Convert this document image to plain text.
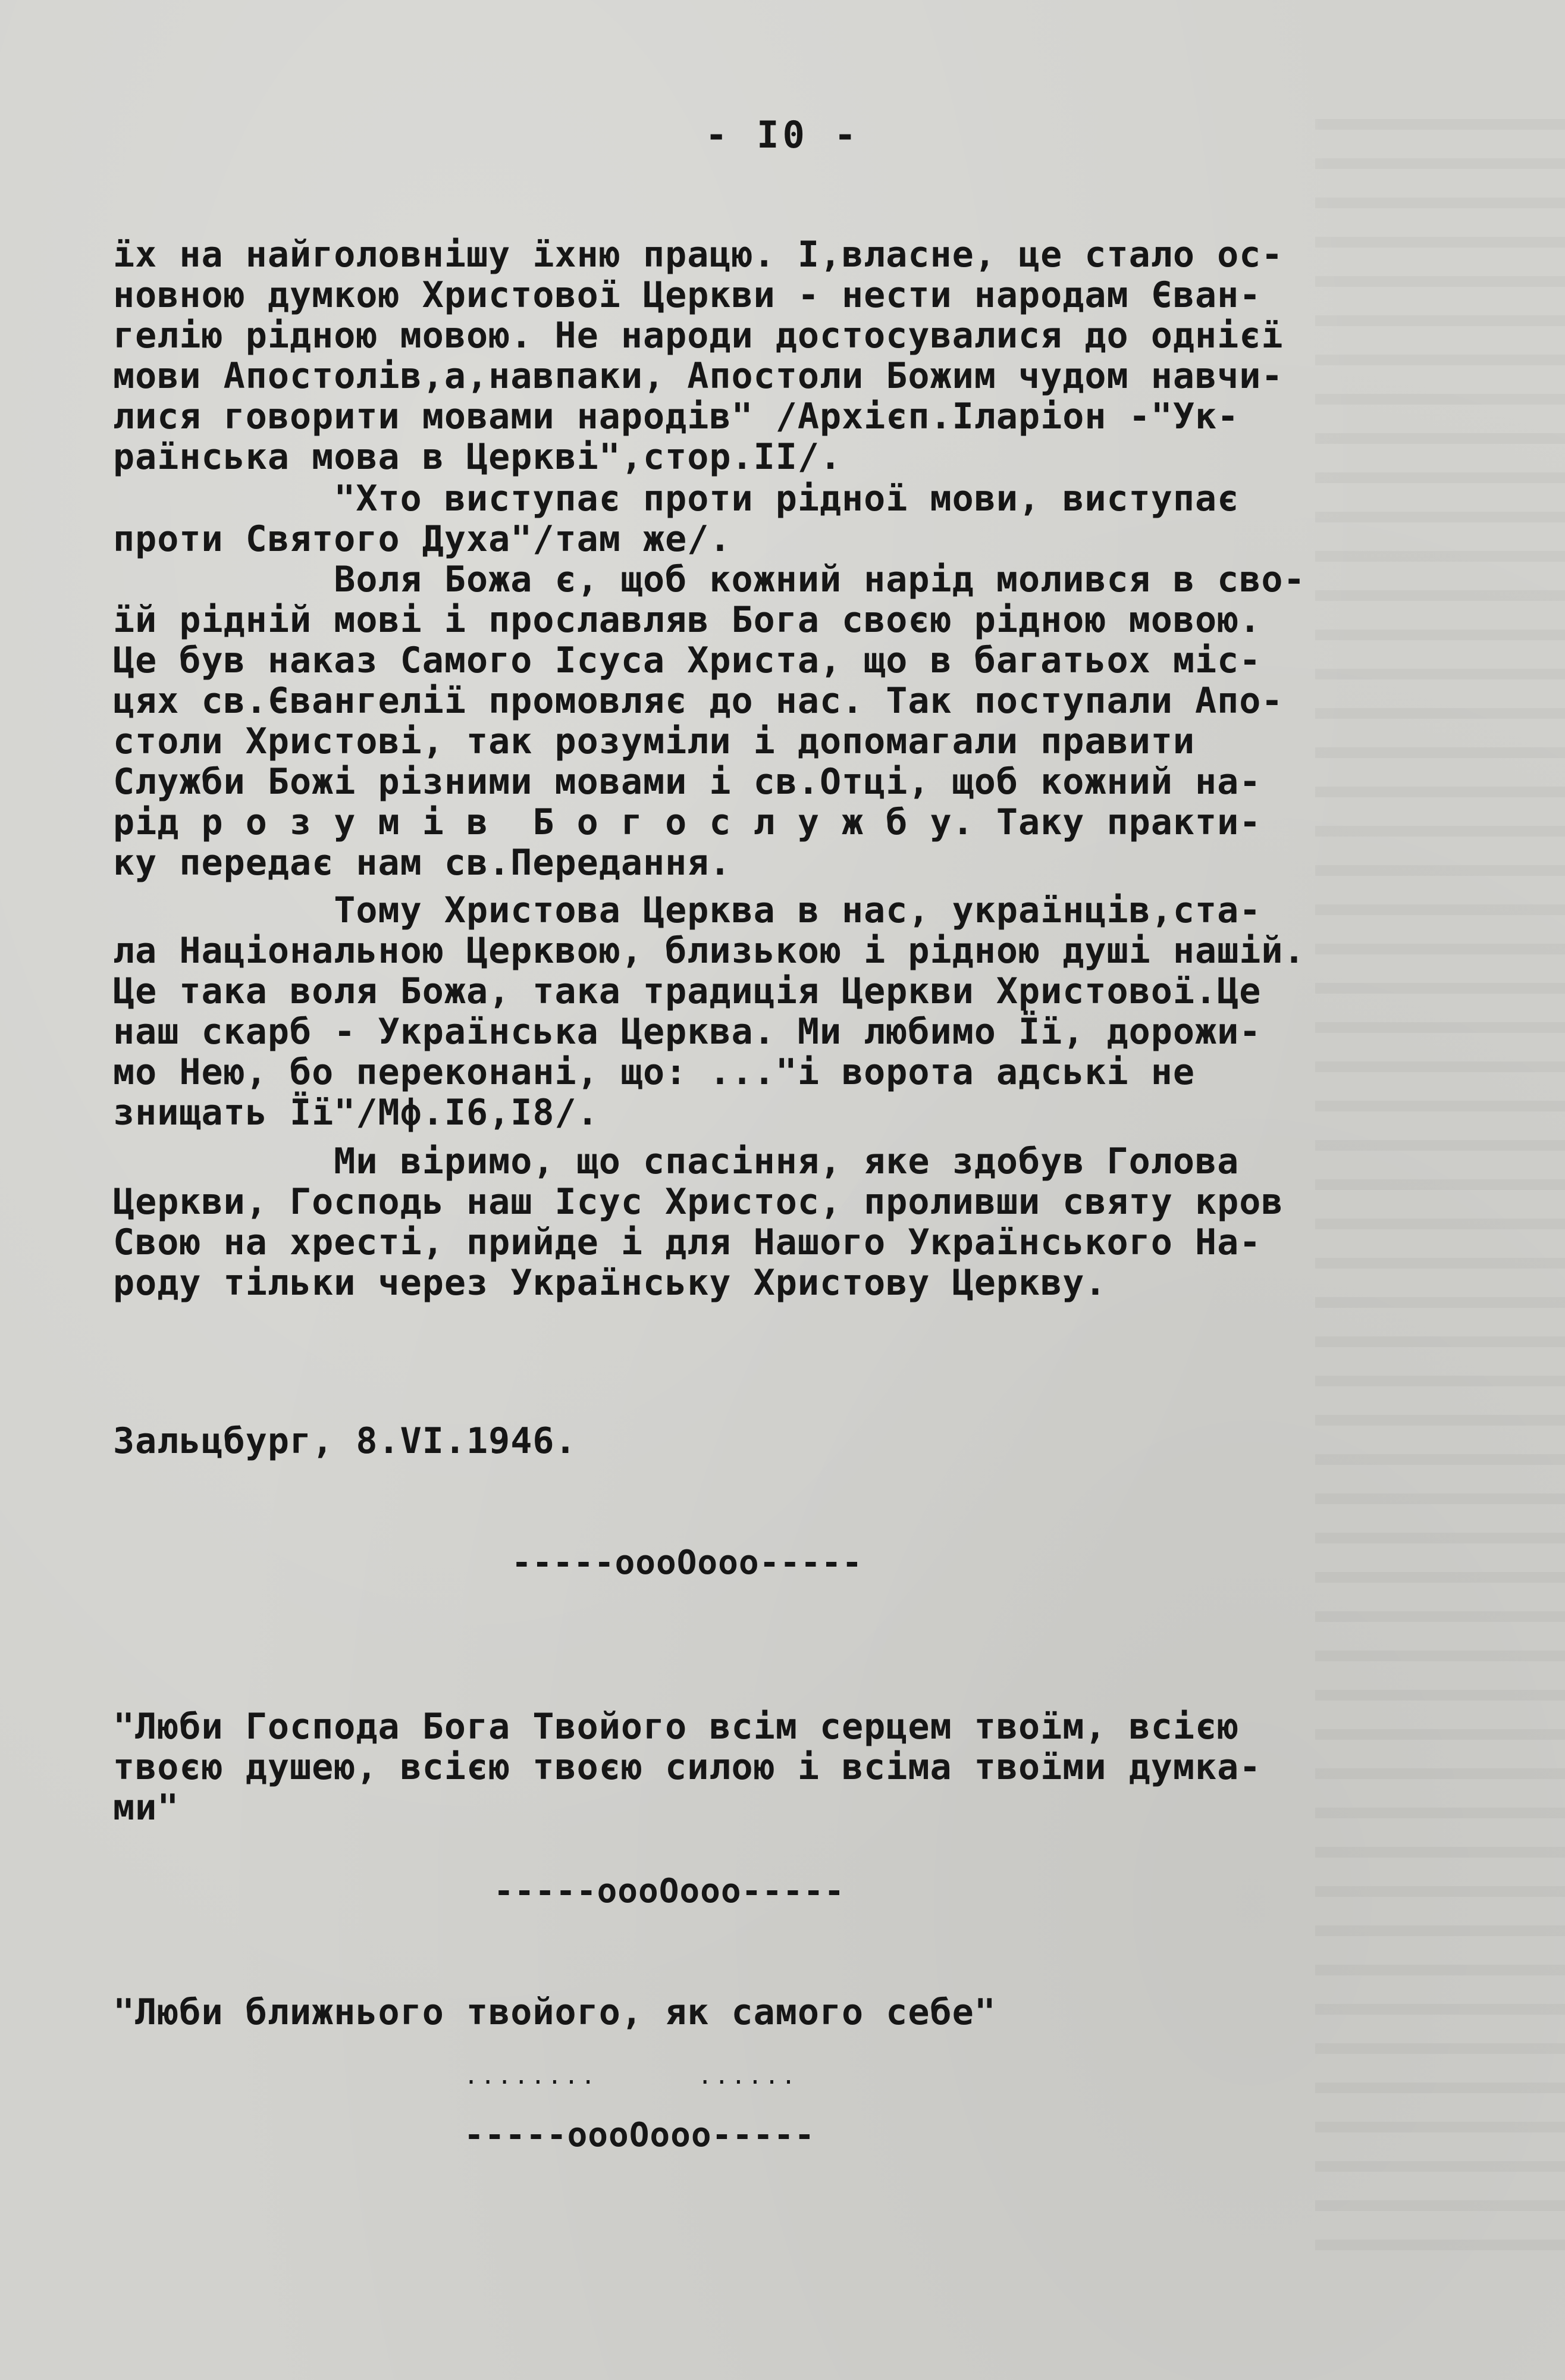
- I0 -
їх на найголовнішу їхню працю. І,власне, це стало ос-
новною думкою Христової Церкви - нести народам Єван-
гелію рідною мовою. Не народи достосувалися до однієї
мови Апостолів,а,навпаки, Апостоли Божим чудом навчи-
лися говорити мовами народів" /Архієп.Іларіон -"Ук-
раїнська мова в Церкві",стор.II/.
"Хто виступає проти рідної мови, виступає
проти Святого Духа"/там же/.
Воля Божа є, щоб кожний нарід молився в сво-
їй рідній мові і прославляв Бога своєю рідною мовою.
Це був наказ Самого Ісуса Христа, що в багатьох міс-
цях св.Євангелії промовляє до нас. Так поступали Апо-
столи Христові, так розуміли і допомагали правити
Служби Божі різними мовами і св.Отці, щоб кожний на-
рід р о з у м і в  Б о г о с л у ж б у. Таку практи-
ку передає нам св.Передання.
Тому Христова Церква в нас, українців,ста-
ла Національною Церквою, близькою і рідною душі нашій.
Це така воля Божа, така традиція Церкви Христової.Це
наш скарб - Українська Церква. Ми любимо Її, дорожи-
мо Нею, бо переконані, що: ..."і ворота адські не
знищать Її"/Мф.I6,I8/.
Ми віримо, що спасіння, яке здобув Голова
Церкви, Господь наш Ісус Христос, проливши святу кров
Свою на хресті, прийде і для Нашого Українського На-
роду тільки через Українську Христову Церкву.
Зальцбург, 8.VI.1946.
-----oooOooo-----
"Люби Господа Бога Твойого всім серцем твоїм, всією
твоєю душею, всією твоєю силою і всіма твоїми думка-
ми"
-----oooOooo-----
"Люби ближнього твойого, як самого себе"
........      ......
-----oooOooo-----
